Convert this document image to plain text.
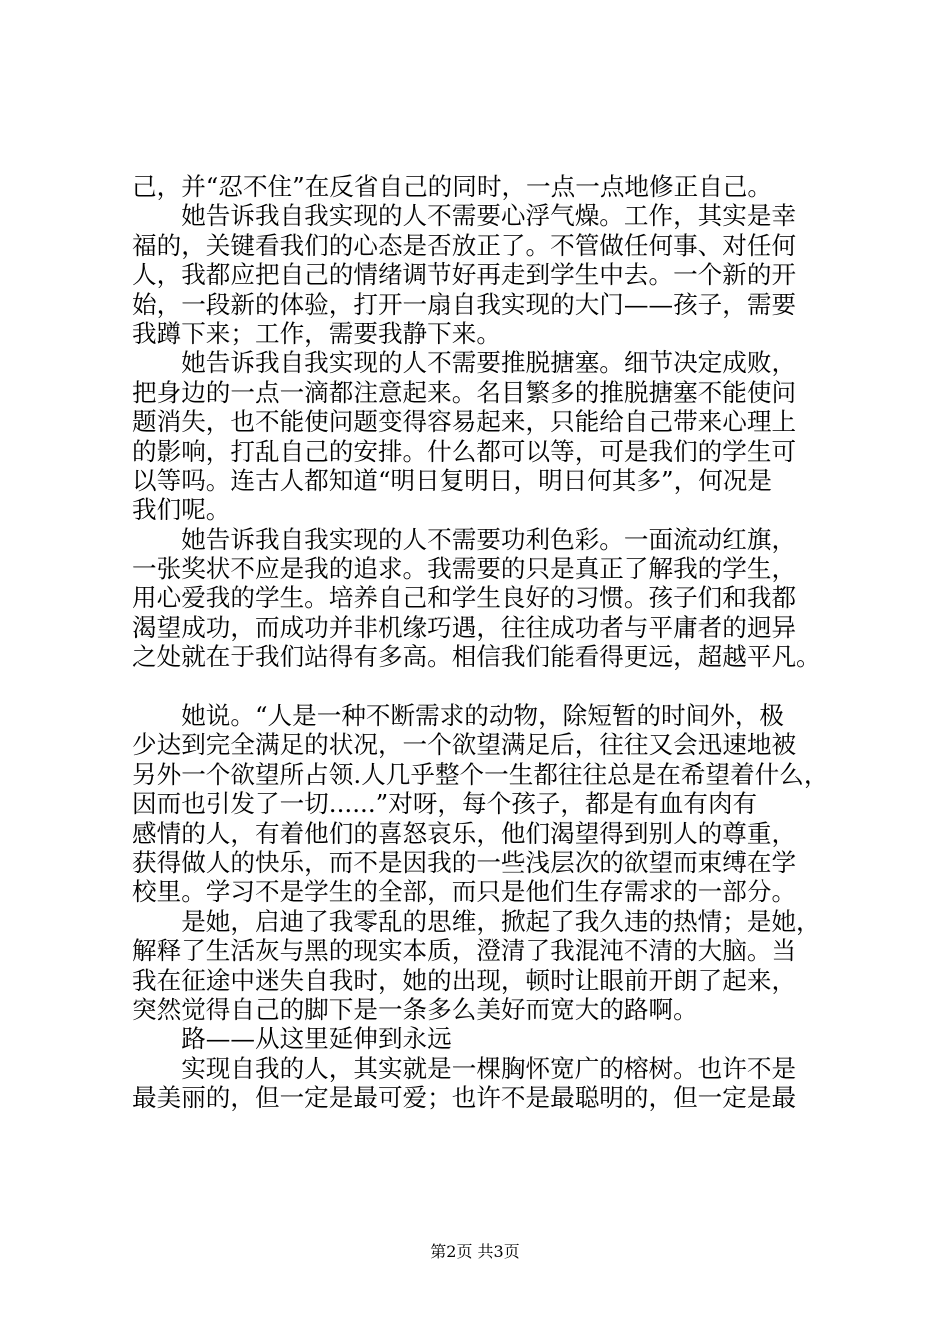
己，并“忍不住”在反省自己的同时，一点一点地修正自己。
　　她告诉我自我实现的人不需要心浮气燥。工作，其实是幸
福的，关键看我们的心态是否放正了。不管做任何事、对任何
人，我都应把自己的情绪调节好再走到学生中去。一个新的开
始，一段新的体验，打开一扇自我实现的大门——孩子，需要
我蹲下来；工作，需要我静下来。
　　她告诉我自我实现的人不需要推脱搪塞。细节决定成败，
把身边的一点一滴都注意起来。名目繁多的推脱搪塞不能使问
题消失，也不能使问题变得容易起来，只能给自己带来心理上
的影响，打乱自己的安排。什么都可以等，可是我们的学生可
以等吗。连古人都知道“明日复明日，明日何其多”，何况是
我们呢。
　　她告诉我自我实现的人不需要功利色彩。一面流动红旗，
一张奖状不应是我的追求。我需要的只是真正了解我的学生，
用心爱我的学生。培养自己和学生良好的习惯。孩子们和我都
渴望成功，而成功并非机缘巧遇，往往成功者与平庸者的迥异
之处就在于我们站得有多高。相信我们能看得更远，超越平凡。
　　她说。“人是一种不断需求的动物，除短暂的时间外，极
少达到完全满足的状况，一个欲望满足后，往往又会迅速地被
另外一个欲望所占领.人几乎整个一生都往往总是在希望着什么，
因而也引发了一切......”对呀，每个孩子，都是有血有肉有
感情的人，有着他们的喜怒哀乐，他们渴望得到别人的尊重，
获得做人的快乐，而不是因我的一些浅层次的欲望而束缚在学
校里。学习不是学生的全部，而只是他们生存需求的一部分。
　　是她，启迪了我零乱的思维，掀起了我久违的热情；是她，
解释了生活灰与黑的现实本质，澄清了我混沌不清的大脑。当
我在征途中迷失自我时，她的出现，顿时让眼前开朗了起来，
突然觉得自己的脚下是一条多么美好而宽大的路啊。
　　路——从这里延伸到永远
　　实现自我的人，其实就是一棵胸怀宽广的榕树。也许不是
最美丽的，但一定是最可爱；也许不是最聪明的，但一定是最
第2页 共3页
